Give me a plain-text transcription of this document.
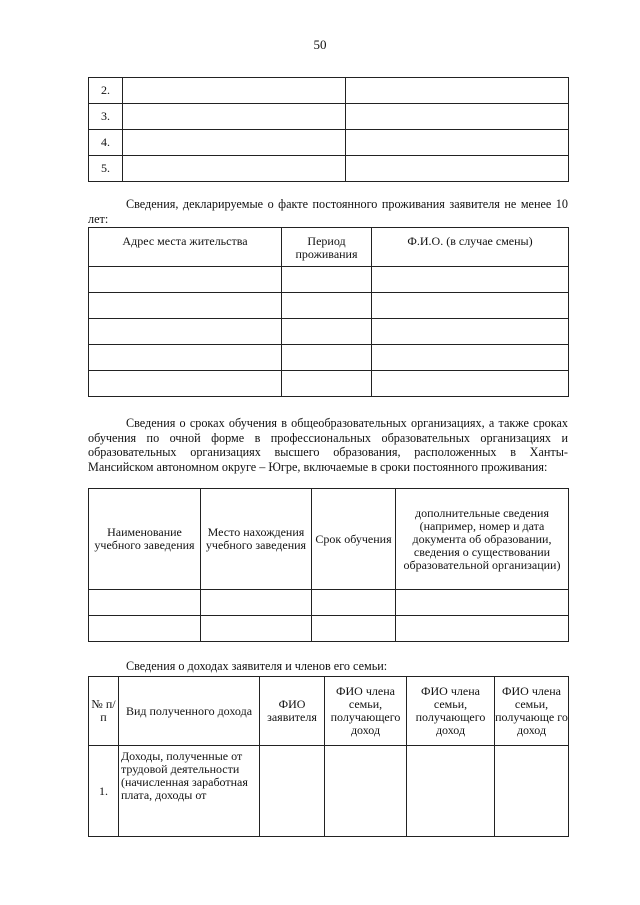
50
2.		
3.		
4.		
5.		

Сведения, декларируемые о факте постоянного проживания заявителя не менее 10 лет:

Адрес места жительства	Период проживания	Ф.И.О. (в случае смены)

Сведения о сроках обучения в общеобразовательных организациях, а также сроках обучения по очной форме в профессиональных образовательных организациях и образовательных организациях высшего образования, расположенных в Ханты-Мансийском автономном округе – Югре, включаемые в сроки постоянного проживания:

Наименование учебного заведения	Место нахождения учебного заведения	Срок обучения	дополнительные сведения (например, номер и дата документа об образовании, сведения о существовании образовательной организации)

Сведения о доходах заявителя и членов его семьи:

№ п/п	Вид полученного дохода	ФИО заявителя	ФИО члена семьи, получающего доход	ФИО члена семьи, получающего доход	ФИО члена семьи, получающе го доход
1.	Доходы, полученные от трудовой деятельности (начисленная заработная плата, доходы от				
